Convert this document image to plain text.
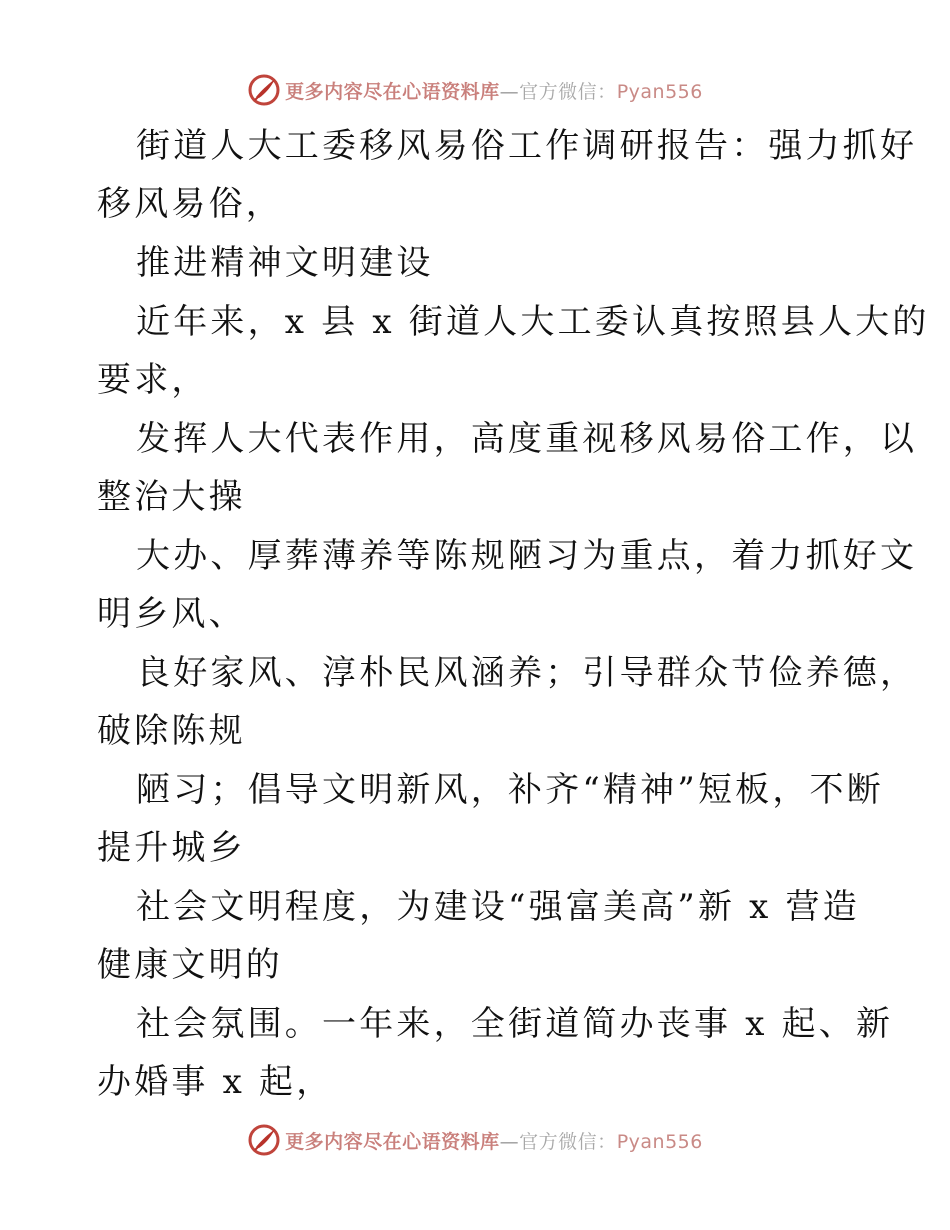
更多内容尽在心语资料库—官方微信：Pyan556
街道人大工委移风易俗工作调研报告：强力抓好
移风易俗，
推进精神文明建设
近年来，x 县 x 街道人大工委认真按照县人大的
要求，
发挥人大代表作用，高度重视移风易俗工作，以
整治大操
大办、厚葬薄养等陈规陋习为重点，着力抓好文
明乡风、
良好家风、淳朴民风涵养；引导群众节俭养德，
破除陈规
陋习；倡导文明新风，补齐“精神”短板，不断
提升城乡
社会文明程度，为建设“强富美高”新 x 营造
健康文明的
社会氛围。一年来，全街道简办丧事 x 起、新
办婚事 x 起，
更多内容尽在心语资料库—官方微信：Pyan556
